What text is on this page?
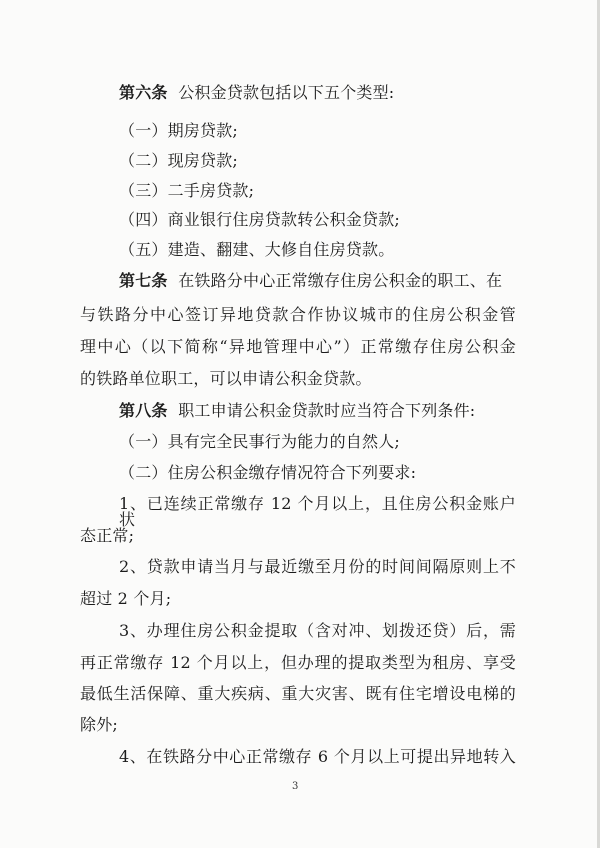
第六条 公积金贷款包括以下五个类型:
（一）期房贷款;
（二）现房贷款;
（三）二手房贷款;
（四）商业银行住房贷款转公积金贷款;
（五）建造、翻建、大修自住房贷款。
第七条 在铁路分中心正常缴存住房公积金的职工、在
与铁路分中心签订异地贷款合作协议城市的住房公积金管
理中心（以下简称“异地管理中心”）正常缴存住房公积金
的铁路单位职工，可以申请公积金贷款。
第八条 职工申请公积金贷款时应当符合下列条件:
（一）具有完全民事行为能力的自然人;
（二）住房公积金缴存情况符合下列要求:
1、已连续正常缴存 12 个月以上，且住房公积金账户状
态正常;
2、贷款申请当月与最近缴至月份的时间间隔原则上不
超过 2 个月;
3、办理住房公积金提取（含对冲、划拨还贷）后，需
再正常缴存 12 个月以上，但办理的提取类型为租房、享受
最低生活保障、重大疾病、重大灾害、既有住宅增设电梯的
除外;
4、在铁路分中心正常缴存 6 个月以上可提出异地转入
3
